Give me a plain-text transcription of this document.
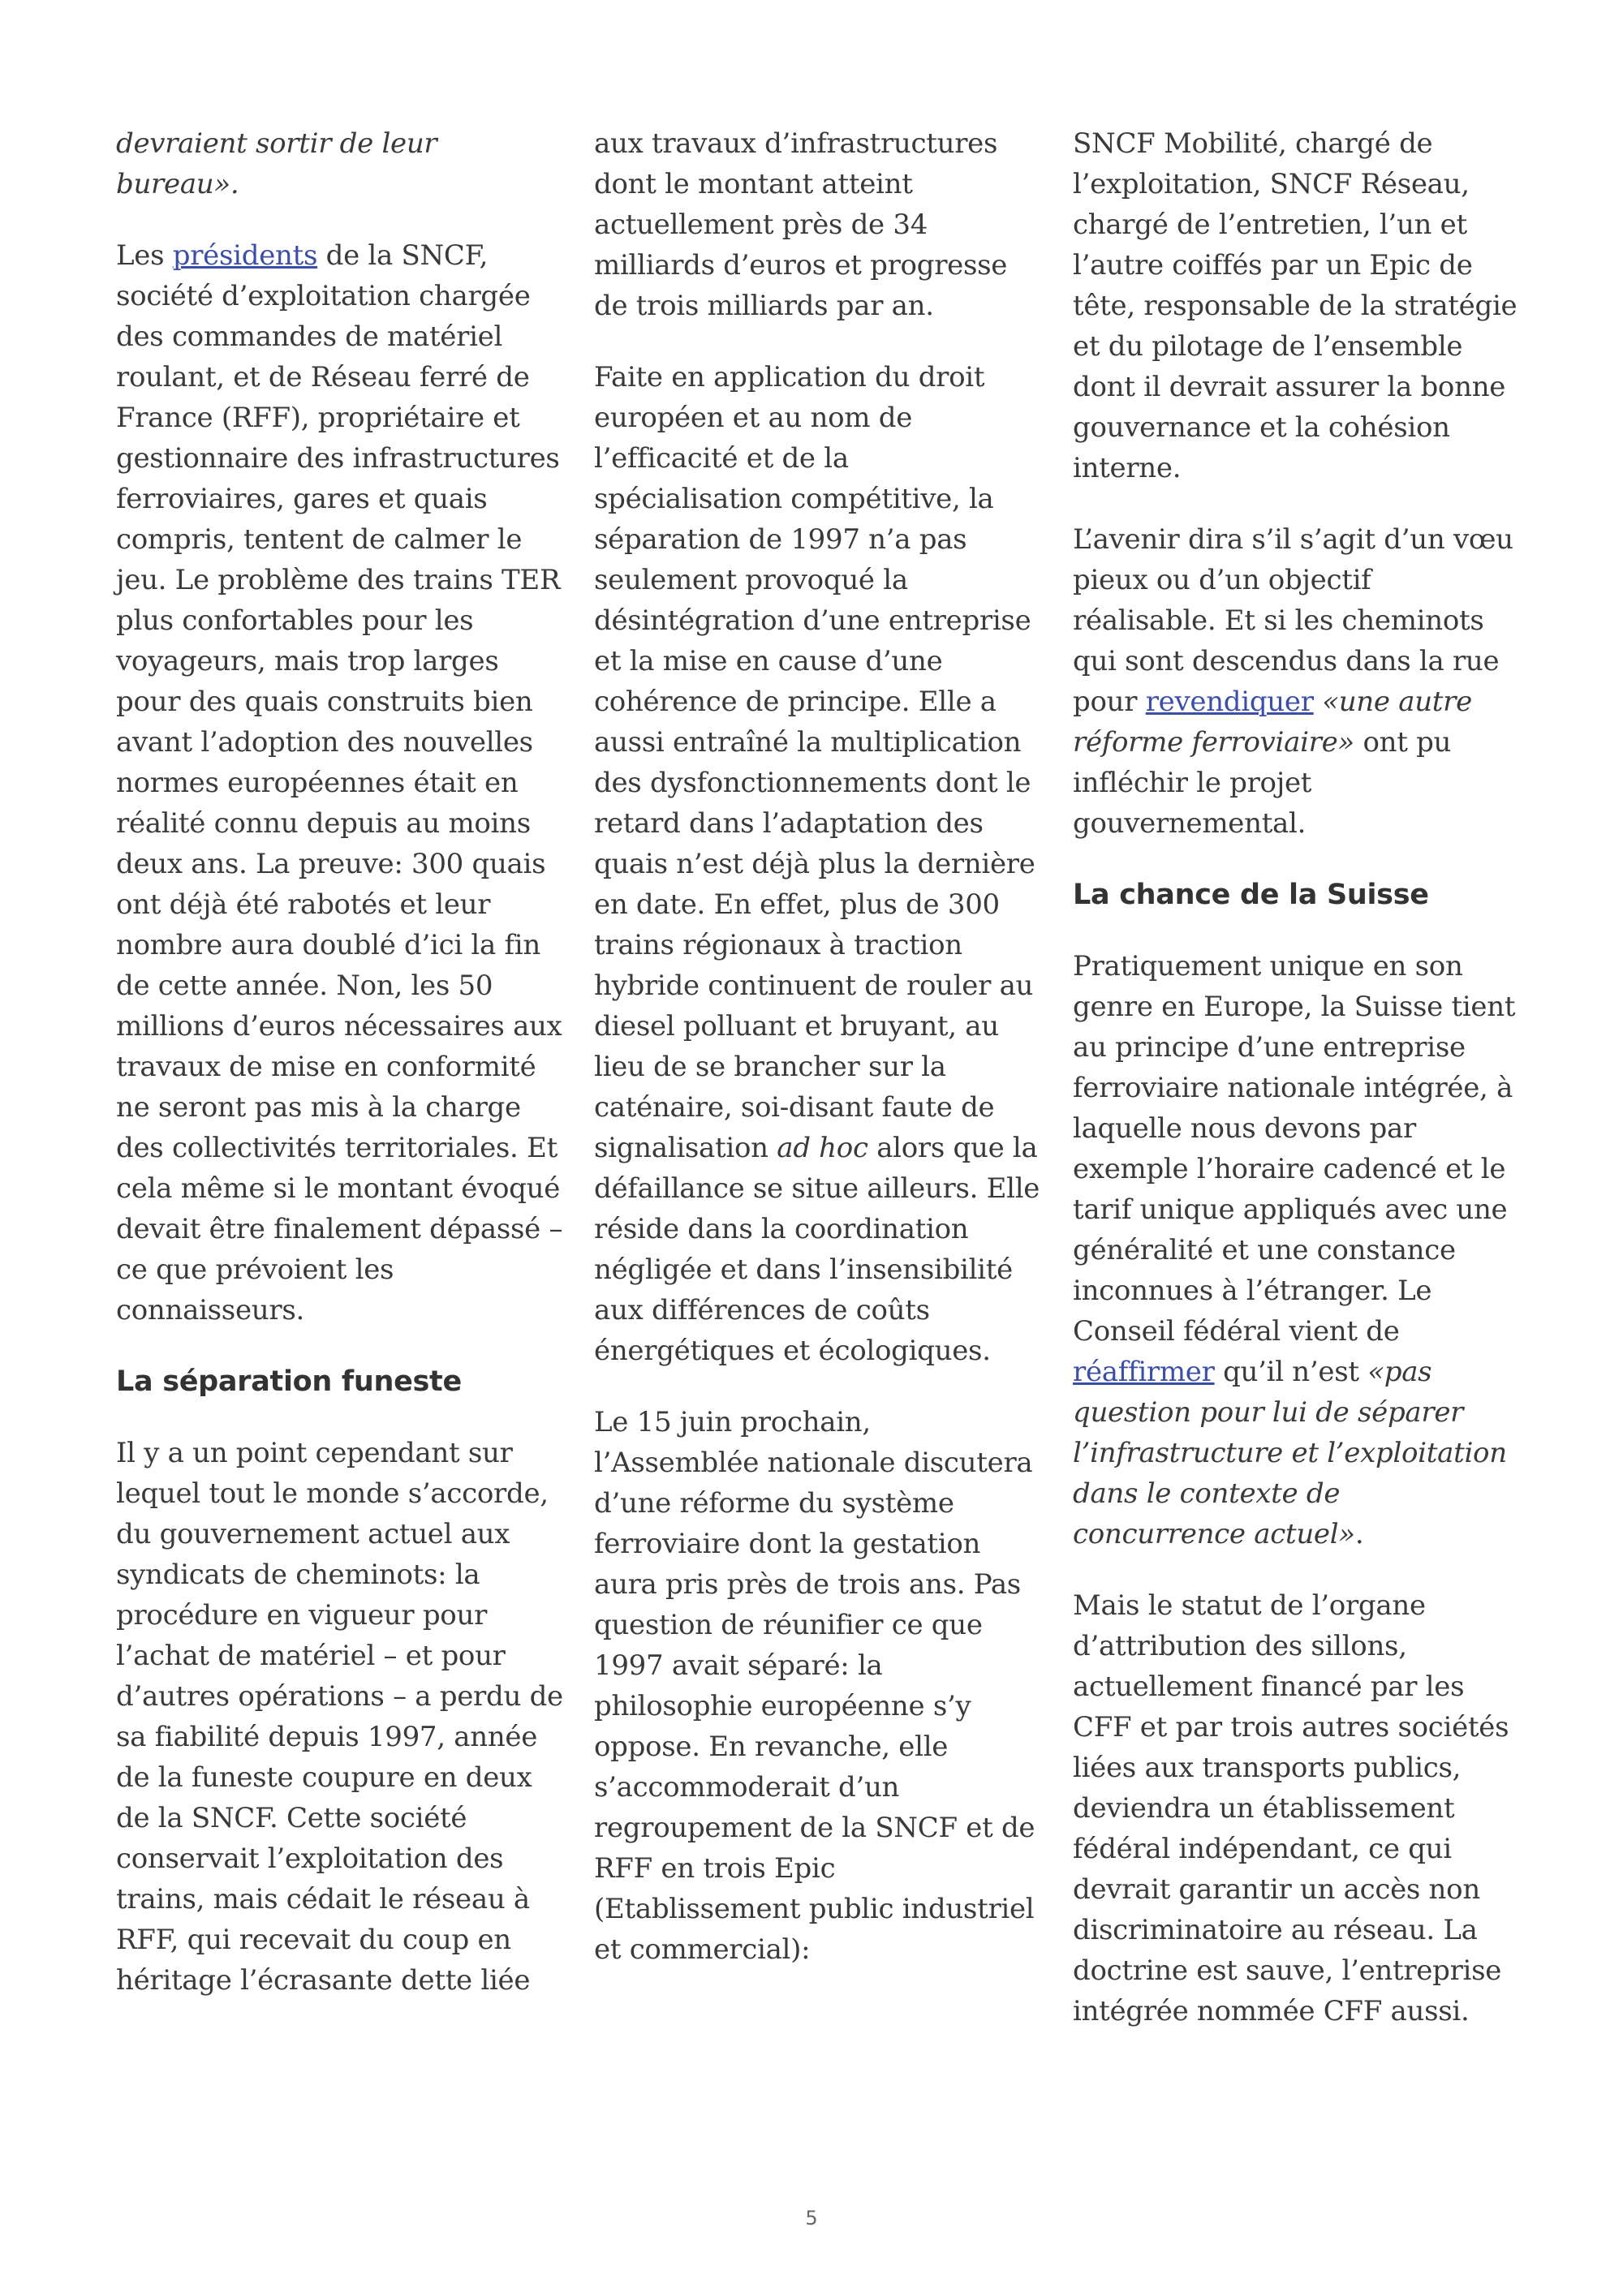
devraient sortir de leur bureau».

Les présidents de la SNCF, société d’exploitation chargée des commandes de matériel roulant, et de Réseau ferré de France (RFF), propriétaire et gestionnaire des infrastructures ferroviaires, gares et quais compris, tentent de calmer le jeu. Le problème des trains TER plus confortables pour les voyageurs, mais trop larges pour des quais construits bien avant l’adoption des nouvelles normes européennes était en réalité connu depuis au moins deux ans. La preuve: 300 quais ont déjà été rabotés et leur nombre aura doublé d’ici la fin de cette année. Non, les 50 millions d’euros nécessaires aux travaux de mise en conformité ne seront pas mis à la charge des collectivités territoriales. Et cela même si le montant évoqué devait être finalement dépassé – ce que prévoient les connaisseurs.

La séparation funeste

Il y a un point cependant sur lequel tout le monde s’accorde, du gouvernement actuel aux syndicats de cheminots: la procédure en vigueur pour l’achat de matériel – et pour d’autres opérations – a perdu de sa fiabilité depuis 1997, année de la funeste coupure en deux de la SNCF. Cette société conservait l’exploitation des trains, mais cédait le réseau à RFF, qui recevait du coup en héritage l’écrasante dette liée

aux travaux d’infrastructures dont le montant atteint actuellement près de 34 milliards d’euros et progresse de trois milliards par an.

Faite en application du droit européen et au nom de l’efficacité et de la spécialisation compétitive, la séparation de 1997 n’a pas seulement provoqué la désintégration d’une entreprise et la mise en cause d’une cohérence de principe. Elle a aussi entraîné la multiplication des dysfonctionnements dont le retard dans l’adaptation des quais n’est déjà plus la dernière en date. En effet, plus de 300 trains régionaux à traction hybride continuent de rouler au diesel polluant et bruyant, au lieu de se brancher sur la caténaire, soi-disant faute de signalisation ad hoc alors que la défaillance se situe ailleurs. Elle réside dans la coordination négligée et dans l’insensibilité aux différences de coûts énergétiques et écologiques.

Le 15 juin prochain, l’Assemblée nationale discutera d’une réforme du système ferroviaire dont la gestation aura pris près de trois ans. Pas question de réunifier ce que 1997 avait séparé: la philosophie européenne s’y oppose. En revanche, elle s’accommoderait d’un regroupement de la SNCF et de RFF en trois Epic (Etablissement public industriel et commercial):

SNCF Mobilité, chargé de l’exploitation, SNCF Réseau, chargé de l’entretien, l’un et l’autre coiffés par un Epic de tête, responsable de la stratégie et du pilotage de l’ensemble dont il devrait assurer la bonne gouvernance et la cohésion interne.

L’avenir dira s’il s’agit d’un vœu pieux ou d’un objectif réalisable. Et si les cheminots qui sont descendus dans la rue pour revendiquer «une autre réforme ferroviaire» ont pu infléchir le projet gouvernemental.

La chance de la Suisse

Pratiquement unique en son genre en Europe, la Suisse tient au principe d’une entreprise ferroviaire nationale intégrée, à laquelle nous devons par exemple l’horaire cadencé et le tarif unique appliqués avec une généralité et une constance inconnues à l’étranger. Le Conseil fédéral vient de réaffirmer qu’il n’est «pas question pour lui de séparer l’infrastructure et l’exploitation dans le contexte de concurrence actuel».

Mais le statut de l’organe d’attribution des sillons, actuellement financé par les CFF et par trois autres sociétés liées aux transports publics, deviendra un établissement fédéral indépendant, ce qui devrait garantir un accès non discriminatoire au réseau. La doctrine est sauve, l’entreprise intégrée nommée CFF aussi.

5
